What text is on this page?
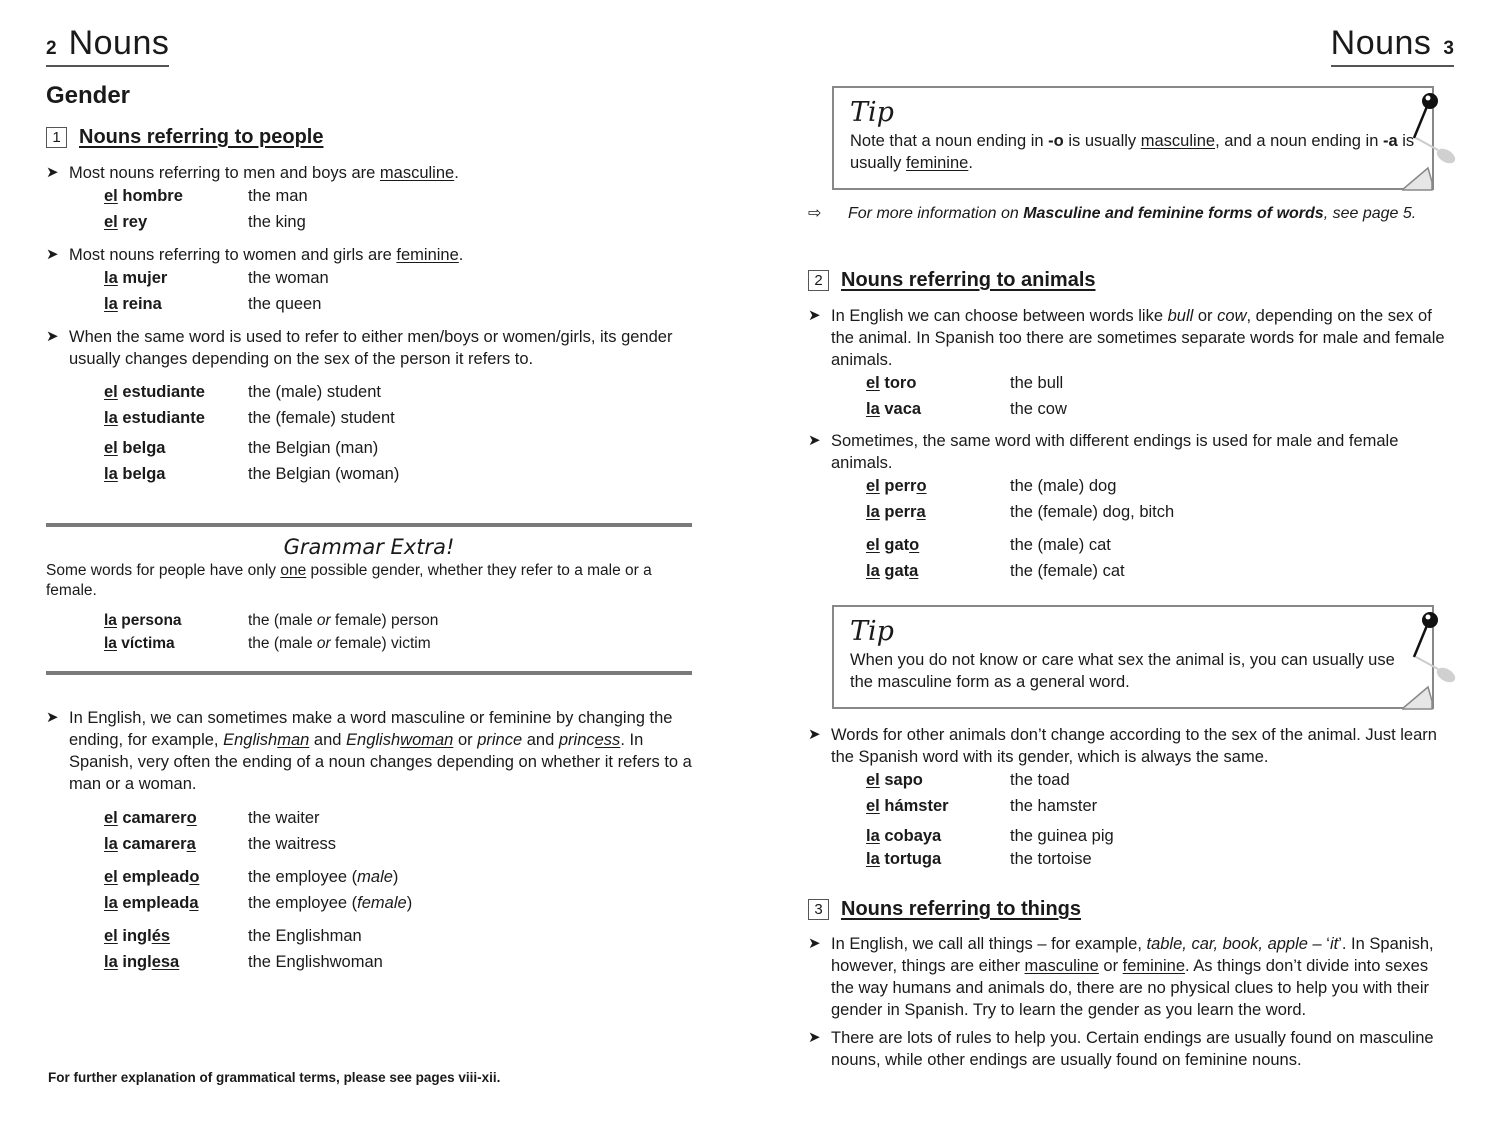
2 Nouns
Gender
1 Nouns referring to people
➤ Most nouns referring to men and boys are masculine.
el hombre	the man
el rey	the king
➤ Most nouns referring to women and girls are feminine.
la mujer	the woman
la reina	the queen
➤ When the same word is used to refer to either men/boys or women/girls, its gender usually changes depending on the sex of the person it refers to.
el estudiante	the (male) student
la estudiante	the (female) student
el belga	the Belgian (man)
la belga	the Belgian (woman)
Grammar Extra!
Some words for people have only one possible gender, whether they refer to a male or a female.
la persona	the (male or female) person
la víctima	the (male or female) victim
➤ In English, we can sometimes make a word masculine or feminine by changing the ending, for example, Englishman and Englishwoman or prince and princess. In Spanish, very often the ending of a noun changes depending on whether it refers to a man or a woman.
el camarero	the waiter
la camarera	the waitress
el empleado	the employee (male)
la empleada	the employee (female)
el inglés	the Englishman
la inglesa	the Englishwoman
For further explanation of grammatical terms, please see pages viii-xii.
Nouns 3
Tip
Note that a noun ending in -o is usually masculine, and a noun ending in -a is usually feminine.
⇨	For more information on Masculine and feminine forms of words, see page 5.
2 Nouns referring to animals
➤ In English we can choose between words like bull or cow, depending on the sex of the animal. In Spanish too there are sometimes separate words for male and female animals.
el toro	the bull
la vaca	the cow
➤ Sometimes, the same word with different endings is used for male and female animals.
el perro	the (male) dog
la perra	the (female) dog, bitch
el gato	the (male) cat
la gata	the (female) cat
Tip
When you do not know or care what sex the animal is, you can usually use the masculine form as a general word.
➤ Words for other animals don’t change according to the sex of the animal. Just learn the Spanish word with its gender, which is always the same.
el sapo	the toad
el hámster	the hamster
la cobaya	the guinea pig
la tortuga	the tortoise
3 Nouns referring to things
➤ In English, we call all things – for example, table, car, book, apple – ‘it’. In Spanish, however, things are either masculine or feminine. As things don’t divide into sexes the way humans and animals do, there are no physical clues to help you with their gender in Spanish. Try to learn the gender as you learn the word.
➤ There are lots of rules to help you. Certain endings are usually found on masculine nouns, while other endings are usually found on feminine nouns.
